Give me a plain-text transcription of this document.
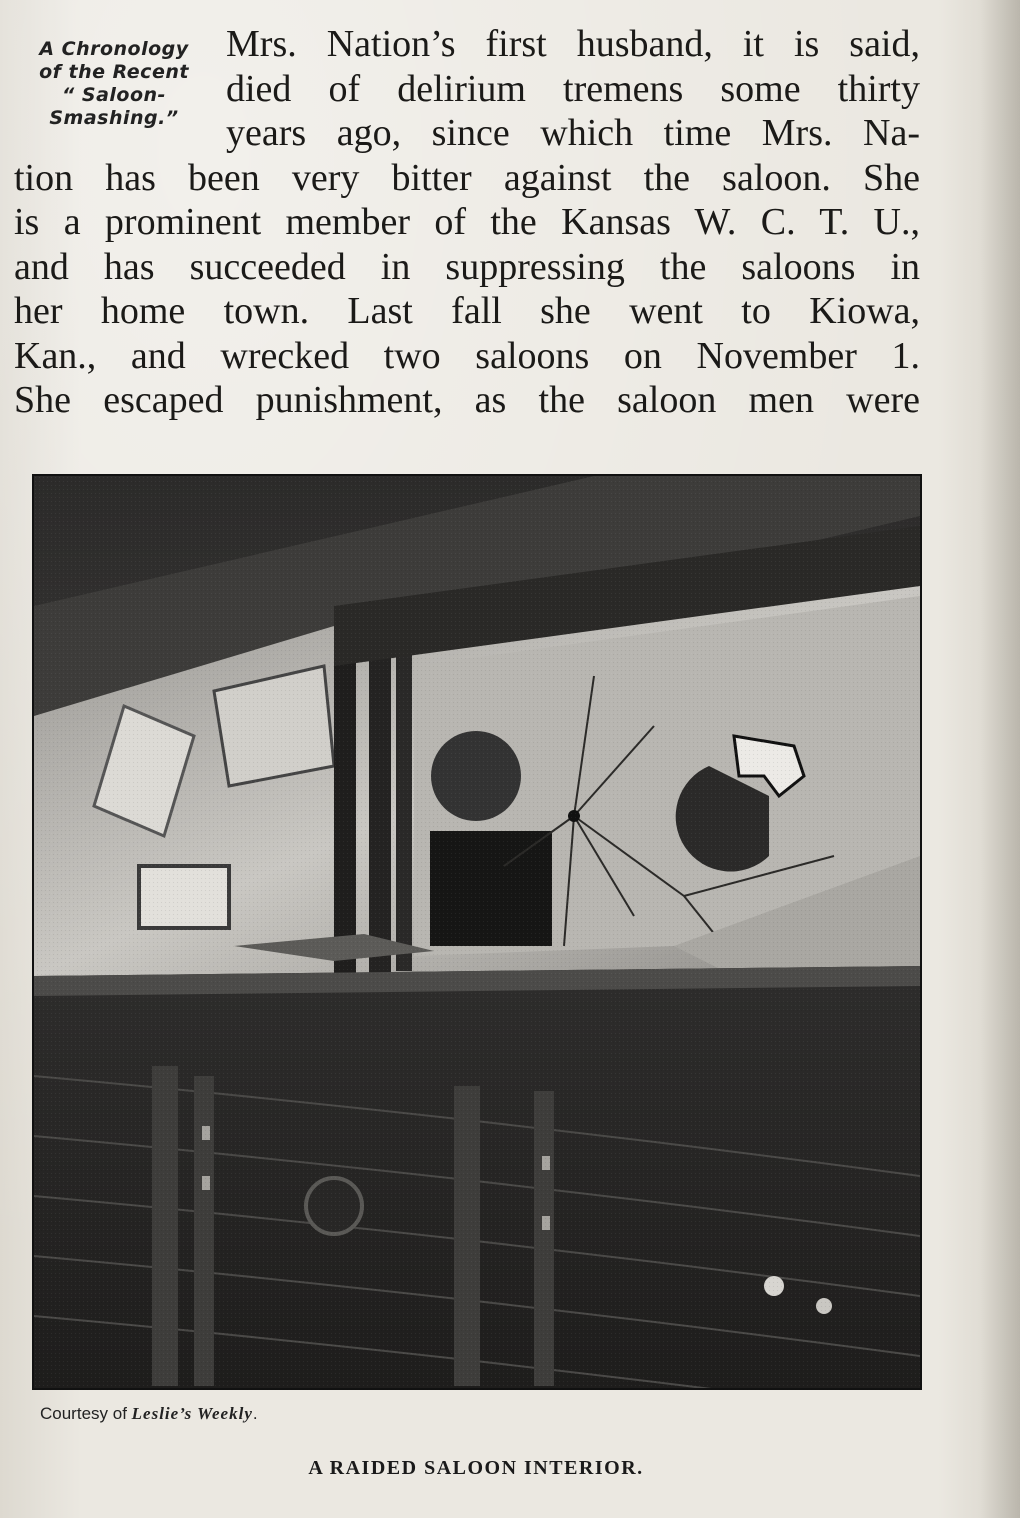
A Chronology
of the Recent
“ Saloon-
Smashing.”
Mrs. Nation’s first husband, it is said,
died of delirium tremens some thirty
years ago, since which time Mrs. Na-
tion has been very bitter against the saloon. She
is a prominent member of the Kansas W. C. T. U.,
and has succeeded in suppressing the saloons in
her home town. Last fall she went to Kiowa,
Kan., and wrecked two saloons on November 1.
She escaped punishment, as the saloon men were
Courtesy of Leslie’s Weekly.
A RAIDED SALOON INTERIOR.
